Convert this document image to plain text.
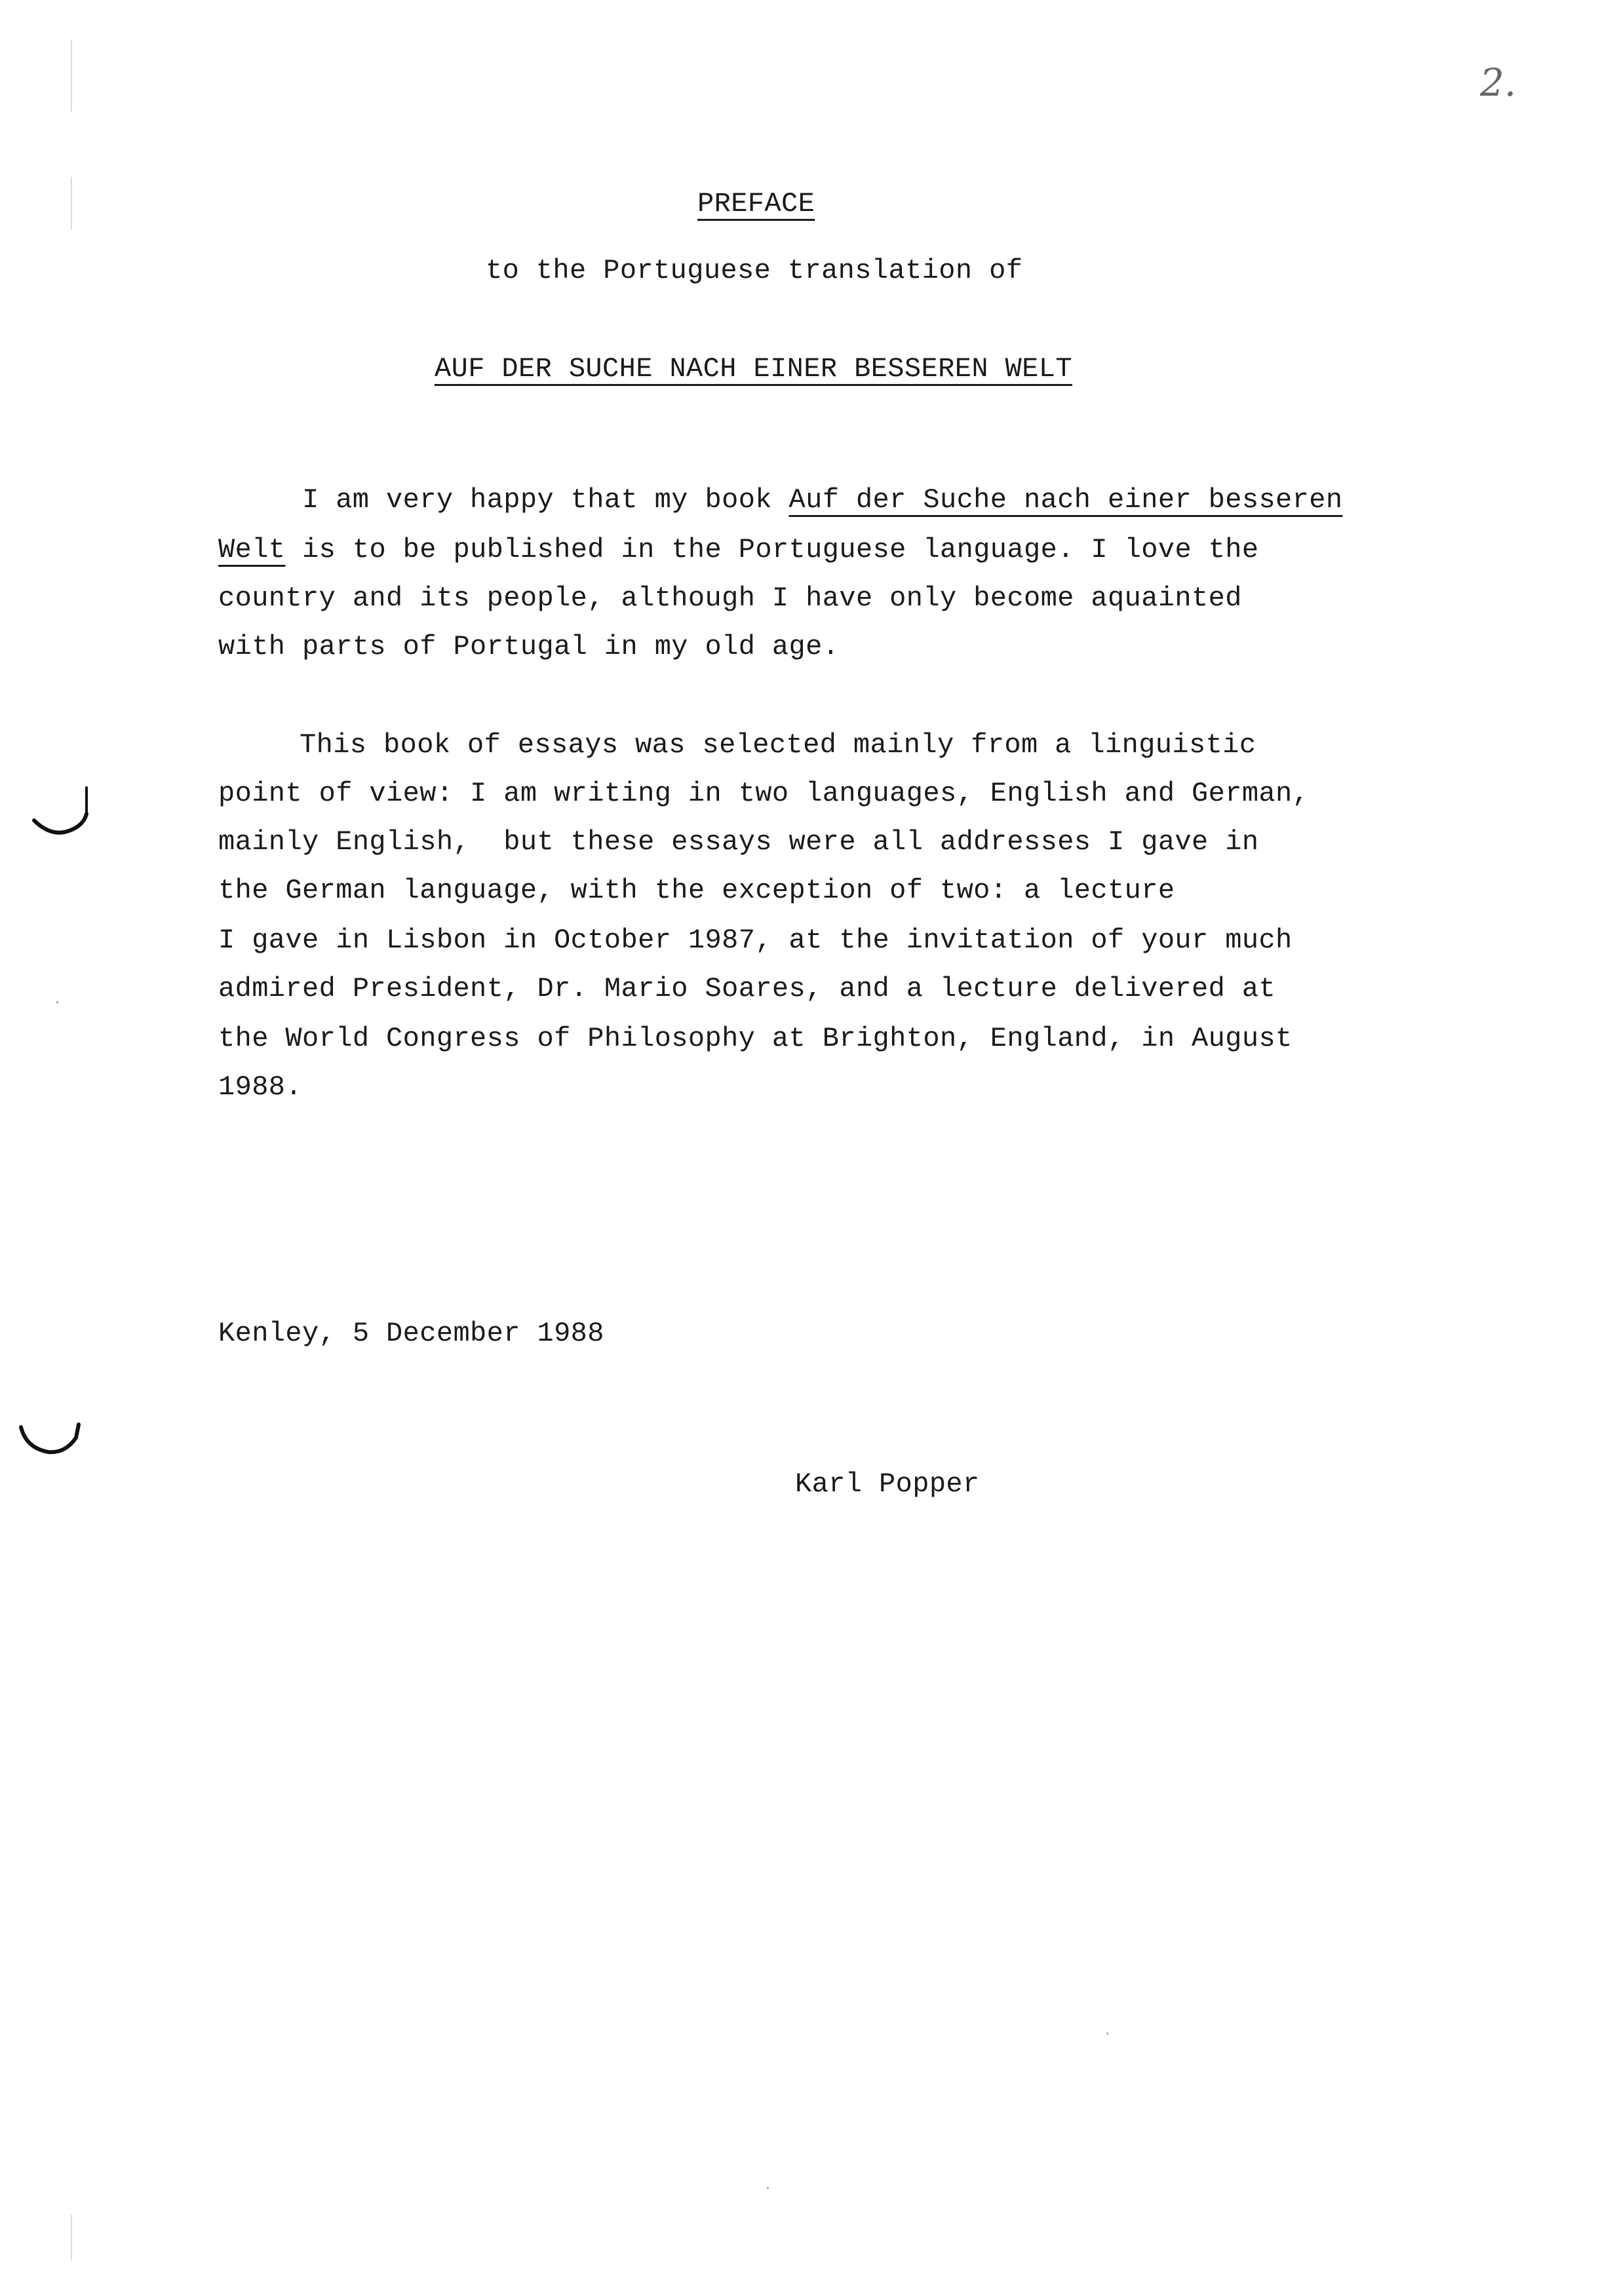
2.
PREFACE
to the Portuguese translation of
AUF DER SUCHE NACH EINER BESSEREN WELT
I am very happy that my book Auf der Suche nach einer besseren
Welt is to be published in the Portuguese language. I love the
country and its people, although I have only become aquainted
with parts of Portugal in my old age.
This book of essays was selected mainly from a linguistic
point of view: I am writing in two languages, English and German,
mainly English,  but these essays were all addresses I gave in
the German language, with the exception of two: a lecture
I gave in Lisbon in October 1987, at the invitation of your much
admired President, Dr. Mario Soares, and a lecture delivered at
the World Congress of Philosophy at Brighton, England, in August
1988.
Kenley, 5 December 1988
Karl Popper
